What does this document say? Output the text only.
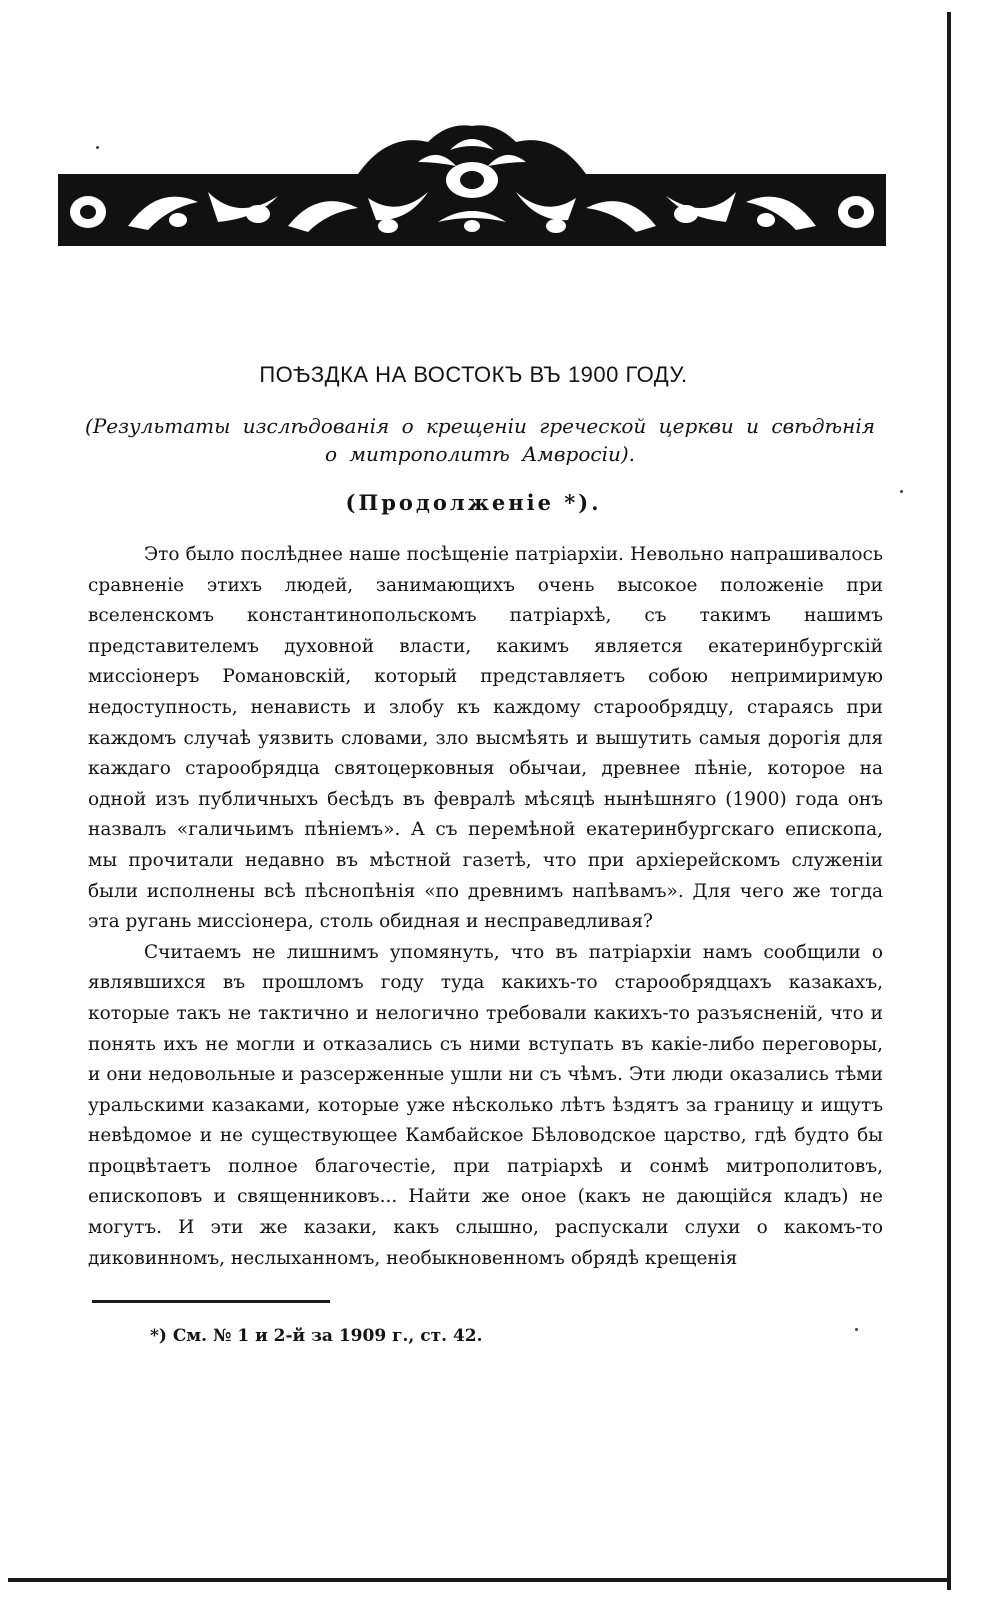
ПОѢЗДКА НА ВОСТОКЪ ВЪ 1900 ГОДУ.
(Результаты изслѣдованія о крещеніи греческой церкви и свѣдѣнія о митрополитѣ Амвросіи).
(Продолженіе *).

Это было послѣднее наше посѣщеніе патріархіи. Невольно напрашивалось сравненіе этихъ людей, занимающихъ очень высокое положеніе при вселенскомъ константинопольскомъ патріархѣ, съ такимъ нашимъ представителемъ духовной власти, какимъ является екатеринбургскій миссіонеръ Романовскій, который представляетъ собою непримиримую недоступность, ненависть и злобу къ каждому старообрядцу, стараясь при каждомъ случаѣ уязвить словами, зло высмѣять и вышутить самыя дорогія для каждаго старообрядца святоцерковныя обычаи, древнее пѣніе, которое на одной изъ публичныхъ бесѣдъ въ февралѣ мѣсяцѣ нынѣшняго (1900) года онъ назвалъ «галичьимъ пѣніемъ». А съ перемѣной екатеринбургскаго епископа, мы прочитали недавно въ мѣстной газетѣ, что при архіерейскомъ служеніи были исполнены всѣ пѣснопѣнія «по древнимъ напѣвамъ». Для чего же тогда эта ругань миссіонера, столь обидная и несправедливая?

Считаемъ не лишнимъ упомянуть, что въ патріархіи намъ сообщили о являвшихся въ прошломъ году туда какихъ-то старообрядцахъ казакахъ, которые такъ не тактично и нелогично требовали какихъ-то разъясненій, что и понять ихъ не могли и отказались съ ними вступать въ какіе-либо переговоры, и они недовольные и разсерженные ушли ни съ чѣмъ. Эти люди оказались тѣми уральскими казаками, которые уже нѣсколько лѣтъ ѣздятъ за границу и ищутъ невѣдомое и не существующее Камбайское Бѣловодское царство, гдѣ будто бы процвѣтаетъ полное благочестіе, при патріархѣ и сонмѣ митрополитовъ, епископовъ и священниковъ... Найти же оное (какъ не дающійся кладъ) не могутъ. И эти же казаки, какъ слышно, распускали слухи о какомъ-то диковинномъ, неслыханномъ, необыкновенномъ обрядѣ крещенія

*) См. № 1 и 2-й за 1909 г., ст. 42.
